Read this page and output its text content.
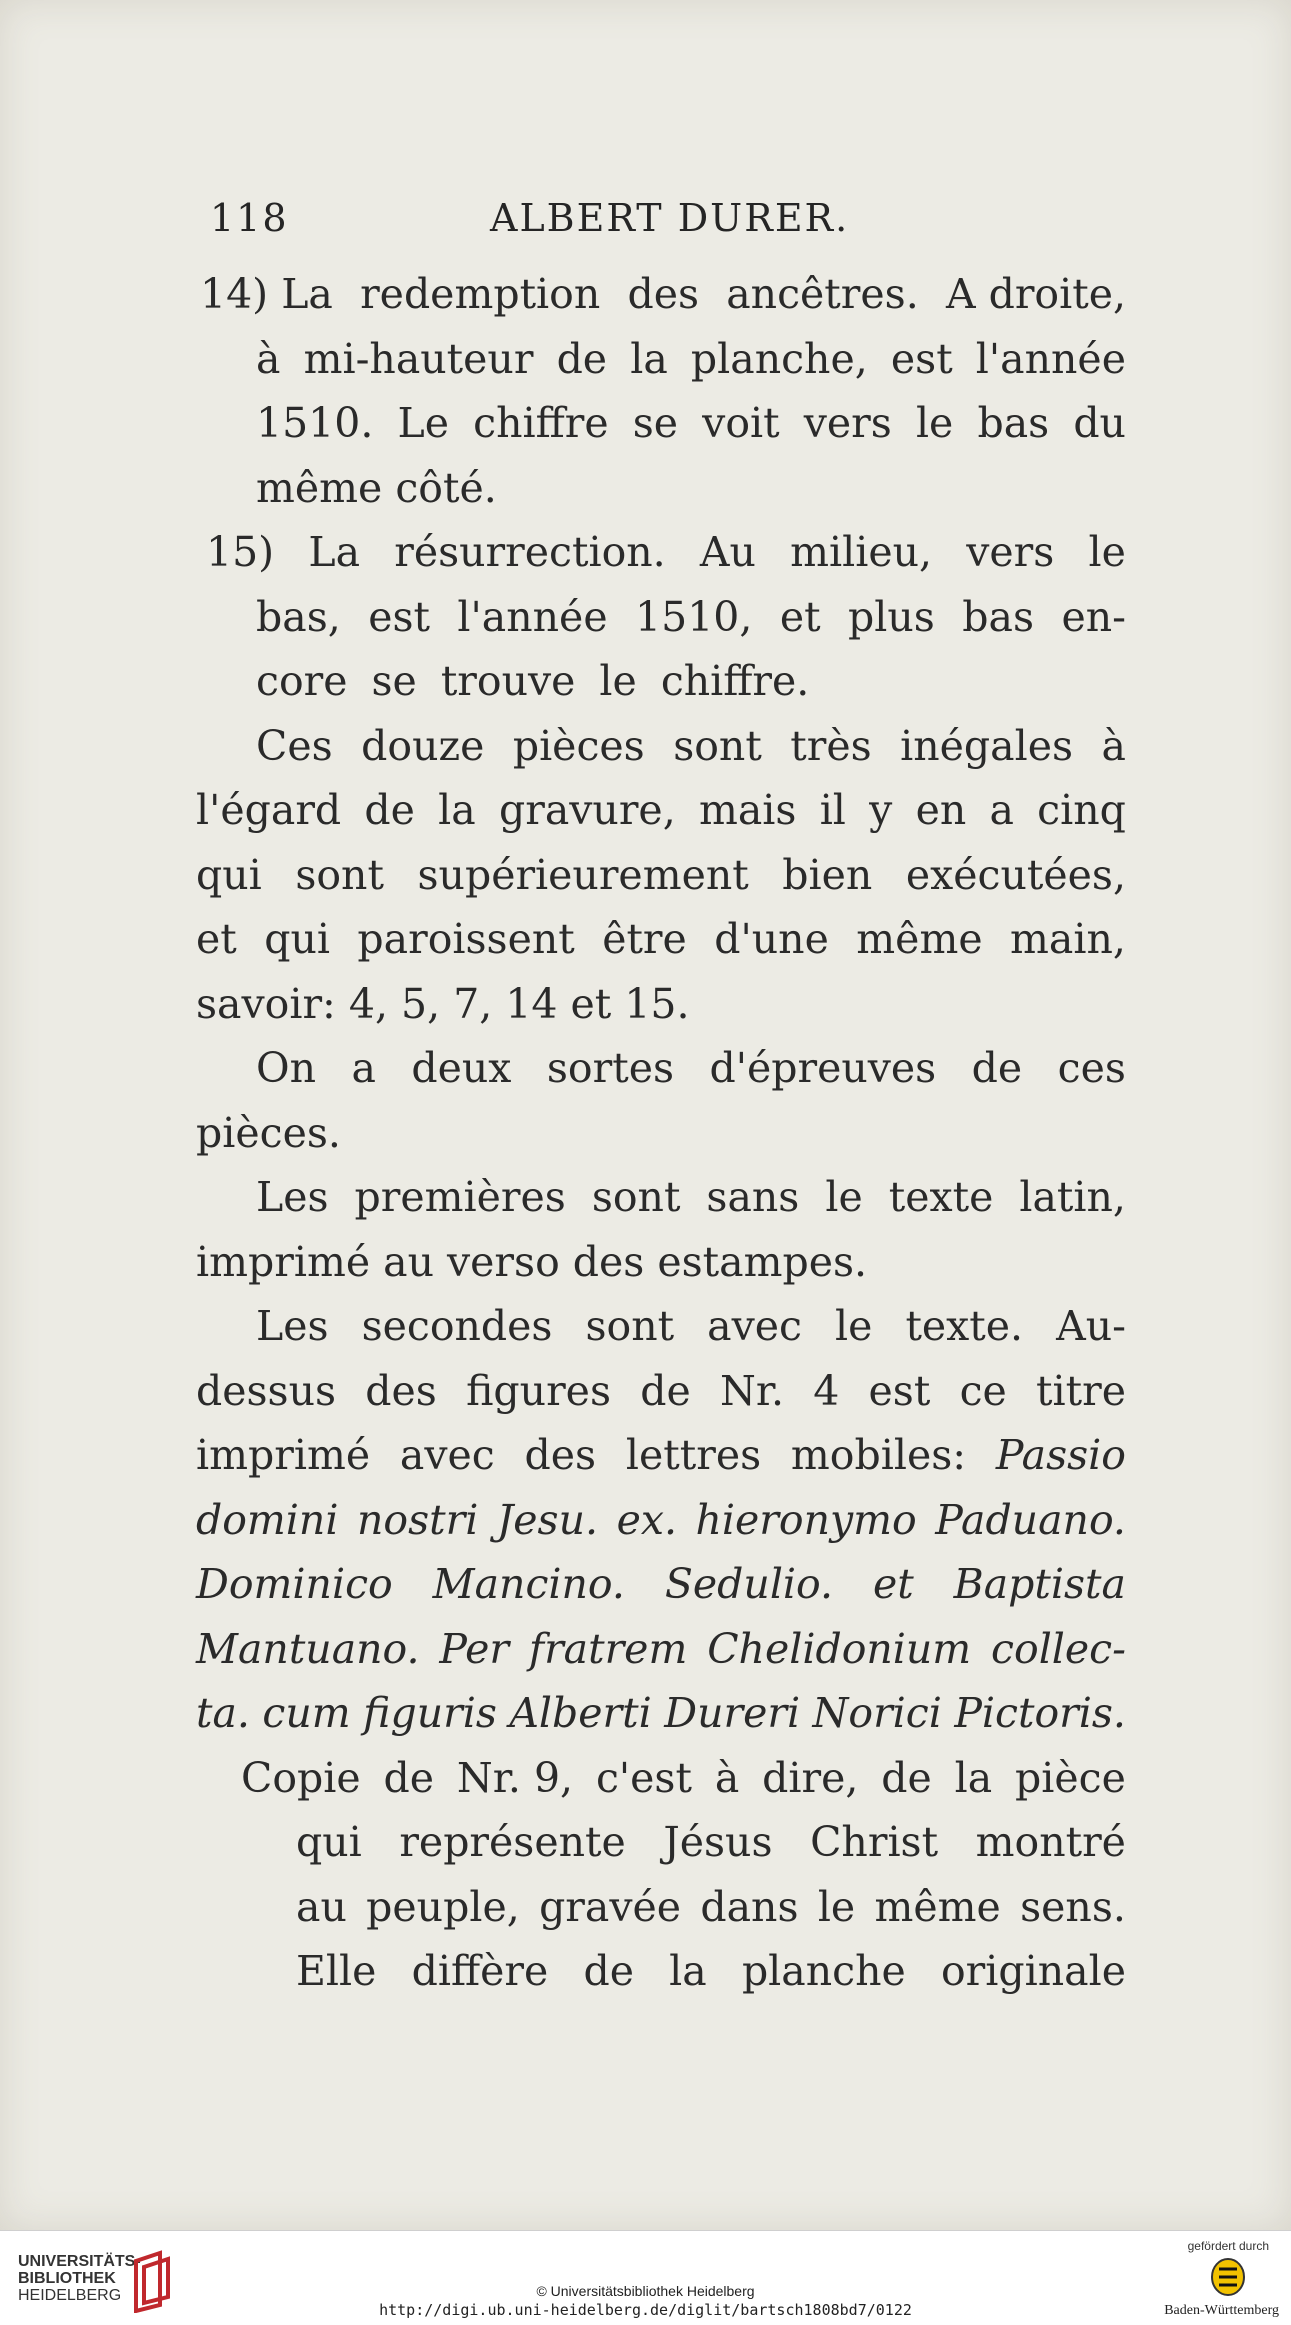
118	ALBERT DURER.
14) La redemption des ancêtres. A droite,
à mi-hauteur de la planche, est l'année
1510. Le chiffre se voit vers le bas du
même côté.
15) La résurrection. Au milieu, vers le
bas, est l'année 1510, et plus bas en-
core se trouve le chiffre.
Ces douze pièces sont très inégales à
l'égard de la gravure, mais il y en a cinq
qui sont supérieurement bien exécutées,
et qui paroissent être d'une même main,
savoir: 4, 5, 7, 14 et 15.
On a deux sortes d'épreuves de ces
pièces.
Les premières sont sans le texte latin,
imprimé au verso des estampes.
Les secondes sont avec le texte. Au-
dessus des figures de Nr. 4 est ce titre
imprimé avec des lettres mobiles: Passio
domini nostri Jesu. ex. hieronymo Paduano.
Dominico Mancino. Sedulio. et Baptista
Mantuano. Per fratrem Chelidonium collec-
ta. cum figuris Alberti Dureri Norici Pictoris.
Copie de Nr. 9, c'est à dire, de la pièce
qui représente Jésus Christ montré
au peuple, gravée dans le même sens.
Elle diffère de la planche originale
UNIVERSITÄTS-
BIBLIOTHEK
HEIDELBERG	© Universitätsbibliothek Heidelberg
http://digi.ub.uni-heidelberg.de/diglit/bartsch1808bd7/0122
gefördert durch
Baden-Württemberg
